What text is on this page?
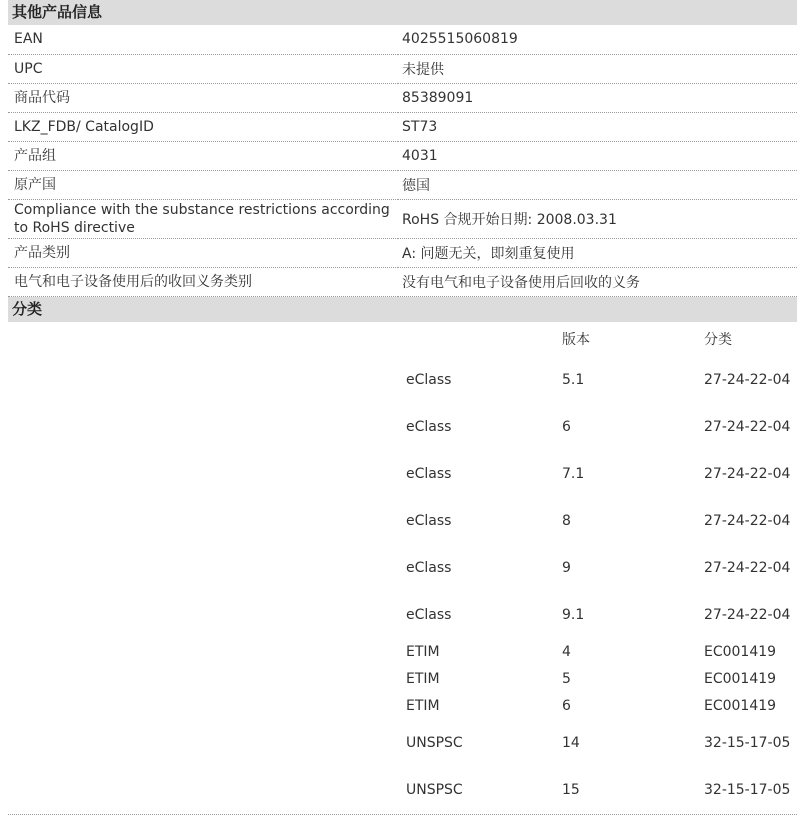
其他产品信息
EAN	4025515060819
UPC	未提供
商品代码	85389091
LKZ_FDB/ CatalogID	ST73
产品组	4031
原产国	德国
Compliance with the substance restrictions according to RoHS directive	RoHS 合规开始日期: 2008.03.31
产品类别	A: 问题无关，即刻重复使用
电气和电子设备使用后的收回义务类别	没有电气和电子设备使用后回收的义务
分类
	版本	分类
eClass	5.1	27-24-22-04
eClass	6	27-24-22-04
eClass	7.1	27-24-22-04
eClass	8	27-24-22-04
eClass	9	27-24-22-04
eClass	9.1	27-24-22-04
ETIM	4	EC001419
ETIM	5	EC001419
ETIM	6	EC001419
UNSPSC	14	32-15-17-05
UNSPSC	15	32-15-17-05
